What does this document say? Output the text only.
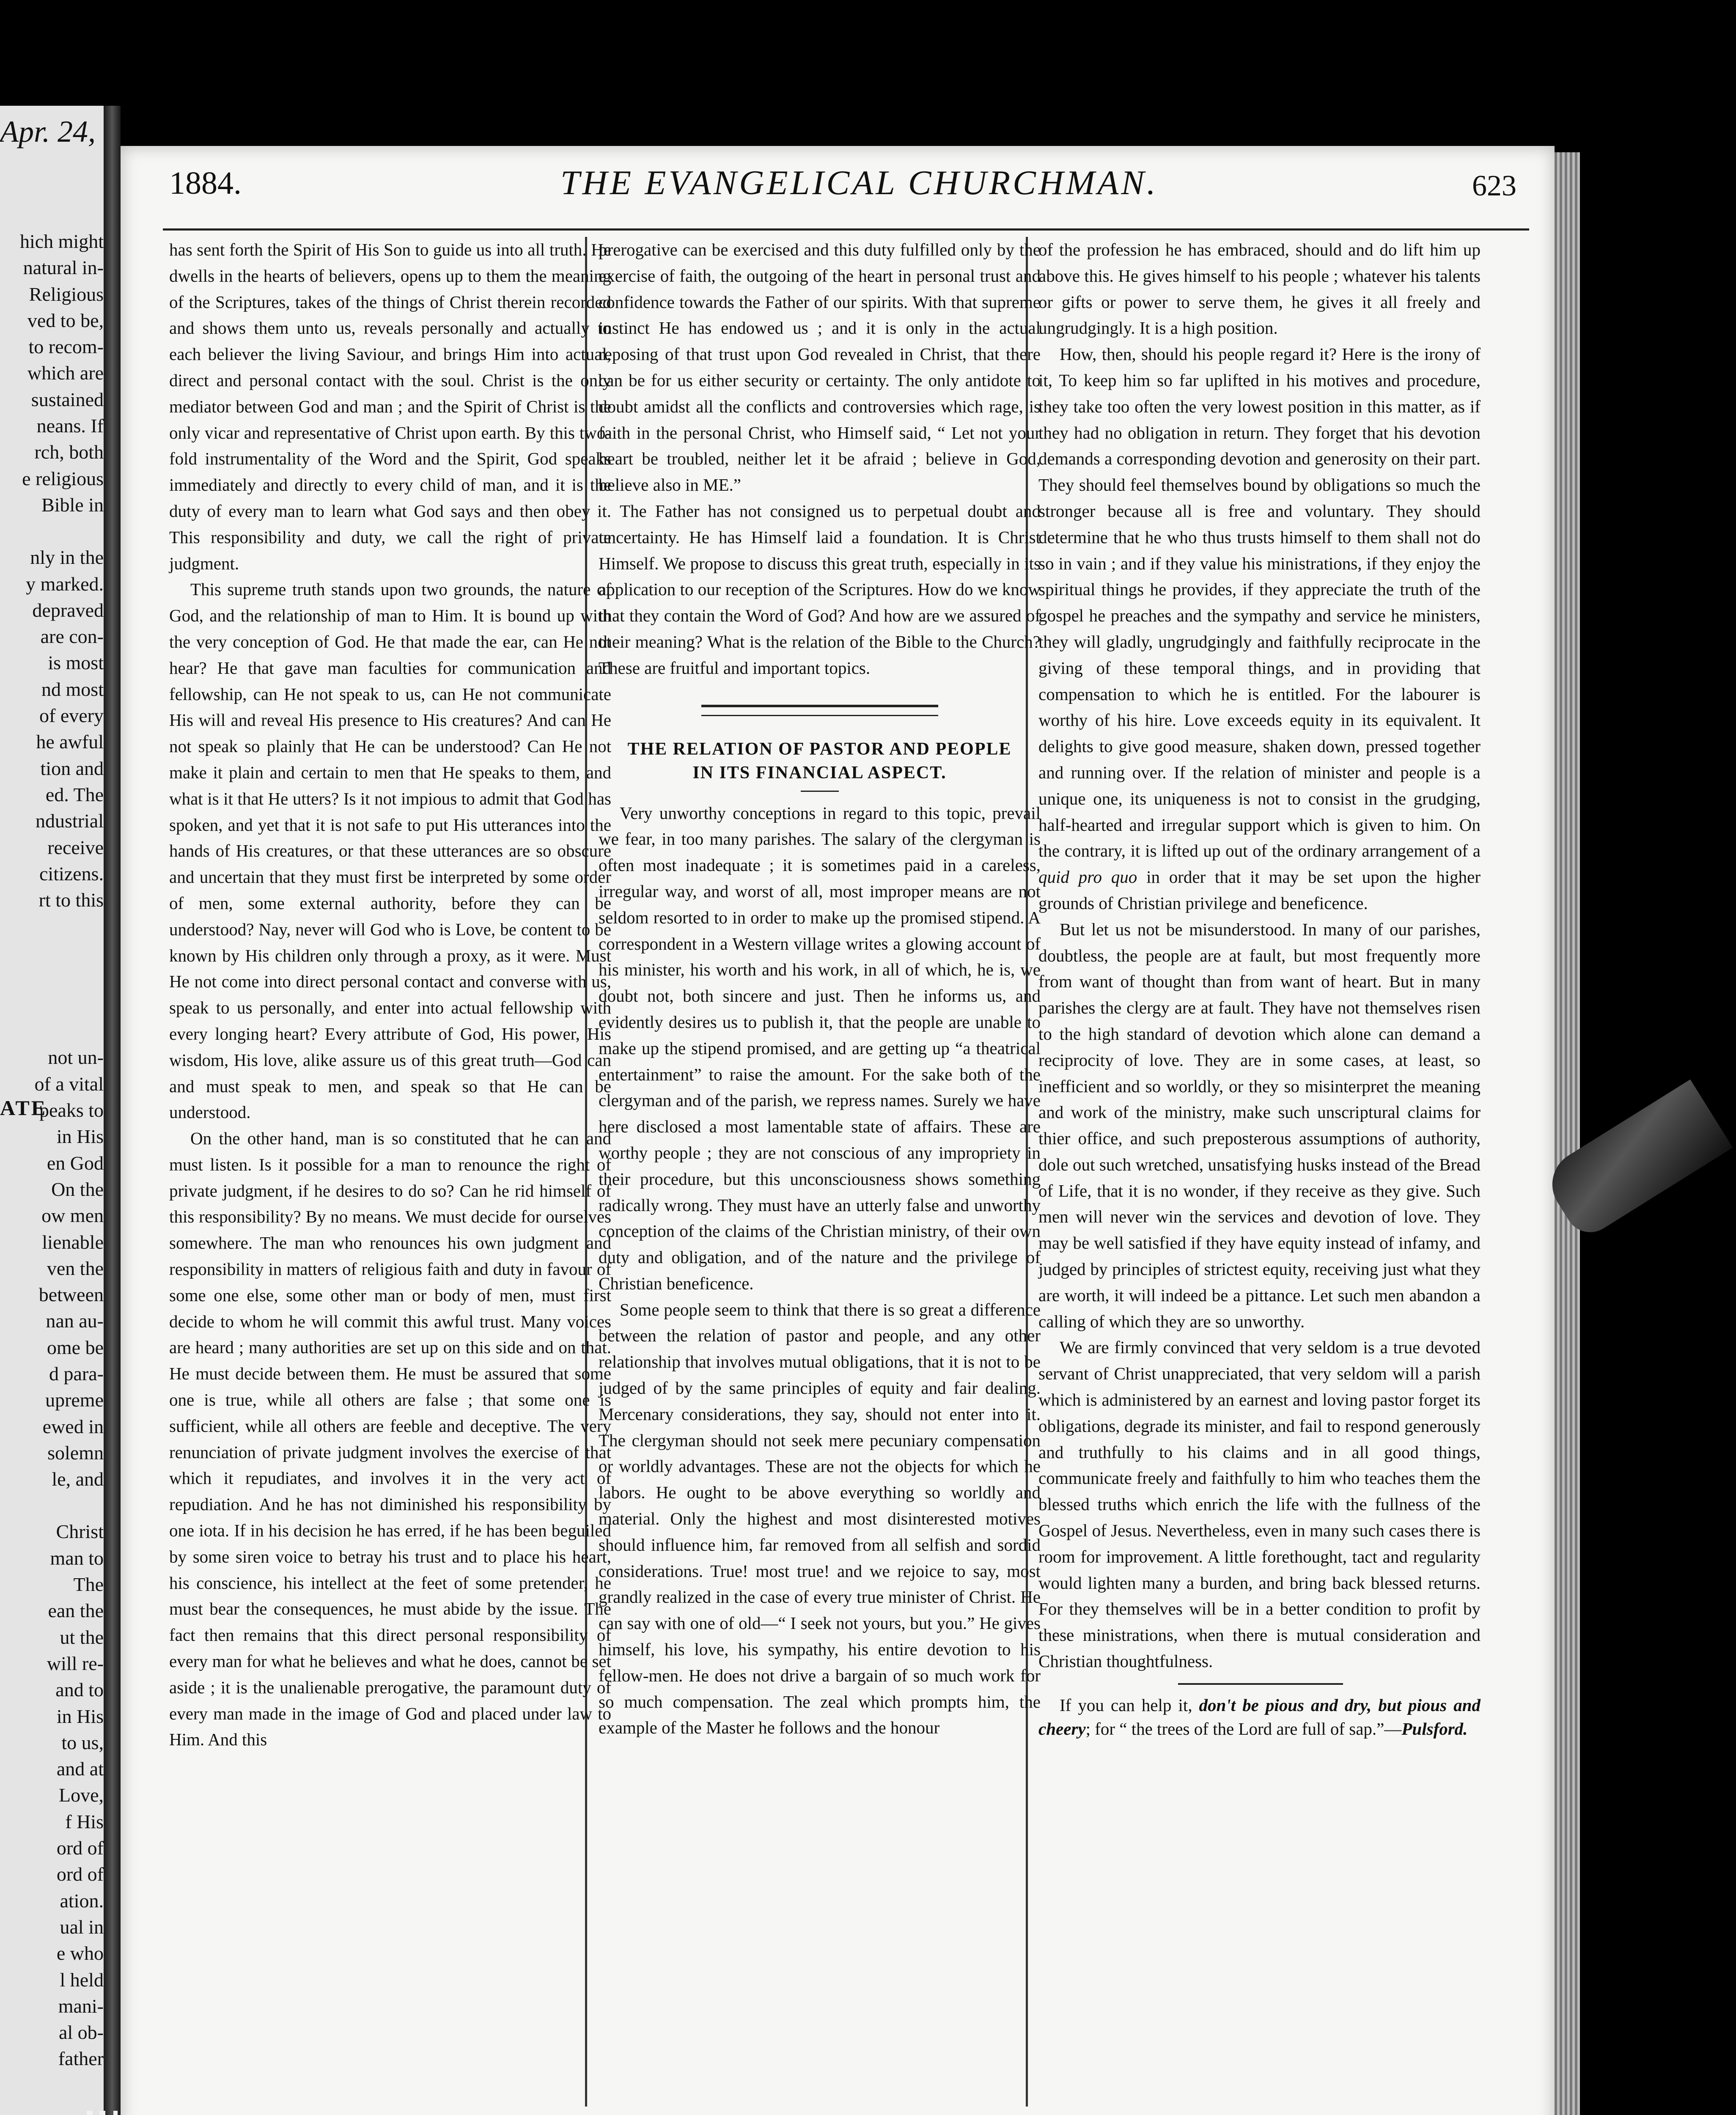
Apr. 24,
hich might
natural in-
Religious
ved to be,
to recom-
which are
sustained
neans. If
rch, both
e religious
Bible in
nly in the
y marked.
depraved
are con-
is most
nd most
of every
he awful
tion and
ed. The
ndustrial
receive
citizens.
rt to this
not un-
of a vital
peaks to
in His
en God
On the
ow men
lienable
ven the
between
nan au-
ome be
d para-
upreme
ewed in
solemn
le, and
Christ
man to
The
ean the
ut the
will re-
and to
in His
to us,
and at
Love,
f His
ord of
ord of
ation.
ual in
e who
l held
mani-
al ob-
father
ATE
1884.	THE EVANGELICAL CHURCHMAN.	623

has sent forth the Spirit of His Son to guide us into all truth. He dwells in the hearts of believers, opens up to them the meaning of the Scriptures, takes of the things of Christ therein recorded and shows them unto us, reveals personally and actually to each believer the living Saviour, and brings Him into actual, direct and personal contact with the soul. Christ is the only mediator between God and man ; and the Spirit of Christ is the only vicar and representative of Christ upon earth. By this two-fold instrumentality of the Word and the Spirit, God speaks immediately and directly to every child of man, and it is the duty of every man to learn what God says and then obey it. This responsibility and duty, we call the right of private judgment.

This supreme truth stands upon two grounds, the nature of God, and the relationship of man to Him. It is bound up with the very conception of God. He that made the ear, can He not hear? He that gave man faculties for communication and fellowship, can He not speak to us, can He not communicate His will and reveal His presence to His creatures? And can He not speak so plainly that He can be understood? Can He not make it plain and certain to men that He speaks to them, and what is it that He utters? Is it not impious to admit that God has spoken, and yet that it is not safe to put His utterances into the hands of His creatures, or that these utterances are so obscure and uncertain that they must first be interpreted by some order of men, some external authority, before they can be understood? Nay, never will God who is Love, be content to be known by His children only through a proxy, as it were. Must He not come into direct personal contact and converse with us, speak to us personally, and enter into actual fellowship with every longing heart? Every attribute of God, His power, His wisdom, His love, alike assure us of this great truth—God can and must speak to men, and speak so that He can be understood.

On the other hand, man is so constituted that he can and must listen. Is it possible for a man to renounce the right of private judgment, if he desires to do so? Can he rid himself of this responsibility? By no means. We must decide for ourselves somewhere. The man who renounces his own judgment and responsibility in matters of religious faith and duty in favour of some one else, some other man or body of men, must first decide to whom he will commit this awful trust. Many voices are heard ; many authorities are set up on this side and on that. He must decide between them. He must be assured that some one is true, while all others are false ; that some one is sufficient, while all others are feeble and deceptive. The very renunciation of private judgment involves the exercise of that which it repudiates, and involves it in the very act of repudiation. And he has not diminished his responsibility by one iota. If in his decision he has erred, if he has been beguiled by some siren voice to betray his trust and to place his heart, his conscience, his intellect at the feet of some pretender, he must bear the consequences, he must abide by the issue. The fact then remains that this direct personal responsibility of every man for what he believes and what he does, cannot be set aside ; it is the unalienable prerogative, the paramount duty of every man made in the image of God and placed under law to Him. And this

prerogative can be exercised and this duty fulfilled only by the exercise of faith, the outgoing of the heart in personal trust and confidence towards the Father of our spirits. With that supreme instinct He has endowed us ; and it is only in the actual reposing of that trust upon God revealed in Christ, that there can be for us either security or certainty. The only antidote to doubt amidst all the conflicts and controversies which rage, is faith in the personal Christ, who Himself said, “ Let not your heart be troubled, neither let it be afraid ; believe in God, believe also in ME.”

The Father has not consigned us to perpetual doubt and uncertainty. He has Himself laid a foundation. It is Christ Himself. We propose to discuss this great truth, especially in its application to our reception of the Scriptures. How do we know that they contain the Word of God? And how are we assured of their meaning? What is the relation of the Bible to the Church? These are fruitful and important topics.

THE RELATION OF PASTOR AND PEOPLE
IN ITS FINANCIAL ASPECT.

Very unworthy conceptions in regard to this topic, prevail we fear, in too many parishes. The salary of the clergyman is often most inadequate ; it is sometimes paid in a careless, irregular way, and worst of all, most improper means are not seldom resorted to in order to make up the promised stipend. A correspondent in a Western village writes a glowing account of his minister, his worth and his work, in all of which, he is, we doubt not, both sincere and just. Then he informs us, and evidently desires us to publish it, that the people are unable to make up the stipend promised, and are getting up “a theatrical entertainment” to raise the amount. For the sake both of the clergyman and of the parish, we repress names. Surely we have here disclosed a most lamentable state of affairs. These are worthy people ; they are not conscious of any impropriety in their procedure, but this unconsciousness shows something radically wrong. They must have an utterly false and unworthy conception of the claims of the Christian ministry, of their own duty and obligation, and of the nature and the privilege of Christian beneficence.

Some people seem to think that there is so great a difference between the relation of pastor and people, and any other relationship that involves mutual obligations, that it is not to be judged of by the same principles of equity and fair dealing. Mercenary considerations, they say, should not enter into it. The clergyman should not seek mere pecuniary compensation or worldly advantages. These are not the objects for which he labors. He ought to be above everything so worldly and material. Only the highest and most disinterested motives should influence him, far removed from all selfish and sordid considerations. True! most true! and we rejoice to say, most grandly realized in the case of every true minister of Christ. He can say with one of old—“ I seek not yours, but you.” He gives himself, his love, his sympathy, his entire devotion to his fellow-men. He does not drive a bargain of so much work for so much compensation. The zeal which prompts him, the example of the Master he follows and the honour

of the profession he has embraced, should and do lift him up above this. He gives himself to his people ; whatever his talents or gifts or power to serve them, he gives it all freely and ungrudgingly. It is a high position.

How, then, should his people regard it? Here is the irony of it, To keep him so far uplifted in his motives and procedure, they take too often the very lowest position in this matter, as if they had no obligation in return. They forget that his devotion demands a corresponding devotion and generosity on their part. They should feel themselves bound by obligations so much the stronger because all is free and voluntary. They should determine that he who thus trusts himself to them shall not do so in vain ; and if they value his ministrations, if they enjoy the spiritual things he provides, if they appreciate the truth of the gospel he preaches and the sympathy and service he ministers, they will gladly, ungrudgingly and faithfully reciprocate in the giving of these temporal things, and in providing that compensation to which he is entitled. For the labourer is worthy of his hire. Love exceeds equity in its equivalent. It delights to give good measure, shaken down, pressed together and running over. If the relation of minister and people is a unique one, its uniqueness is not to consist in the grudging, half-hearted and irregular support which is given to him. On the contrary, it is lifted up out of the ordinary arrangement of a quid pro quo in order that it may be set upon the higher grounds of Christian privilege and beneficence.

But let us not be misunderstood. In many of our parishes, doubtless, the people are at fault, but most frequently more from want of thought than from want of heart. But in many parishes the clergy are at fault. They have not themselves risen to the high standard of devotion which alone can demand a reciprocity of love. They are in some cases, at least, so inefficient and so worldly, or they so misinterpret the meaning and work of the ministry, make such unscriptural claims for thier office, and such preposterous assumptions of authority, dole out such wretched, unsatisfying husks instead of the Bread of Life, that it is no wonder, if they receive as they give. Such men will never win the services and devotion of love. They may be well satisfied if they have equity instead of infamy, and judged by principles of strictest equity, receiving just what they are worth, it will indeed be a pittance. Let such men abandon a calling of which they are so unworthy.

We are firmly convinced that very seldom is a true devoted servant of Christ unappreciated, that very seldom will a parish which is administered by an earnest and loving pastor forget its obligations, degrade its minister, and fail to respond generously and truthfully to his claims and in all good things, communicate freely and faithfully to him who teaches them the blessed truths which enrich the life with the fullness of the Gospel of Jesus. Nevertheless, even in many such cases there is room for improvement. A little forethought, tact and regularity would lighten many a burden, and bring back blessed returns. For they themselves will be in a better condition to profit by these ministrations, when there is mutual consideration and Christian thoughtfulness.

If you can help it, don't be pious and dry, but pious and cheery; for “ the trees of the Lord are full of sap.”—Pulsford.
